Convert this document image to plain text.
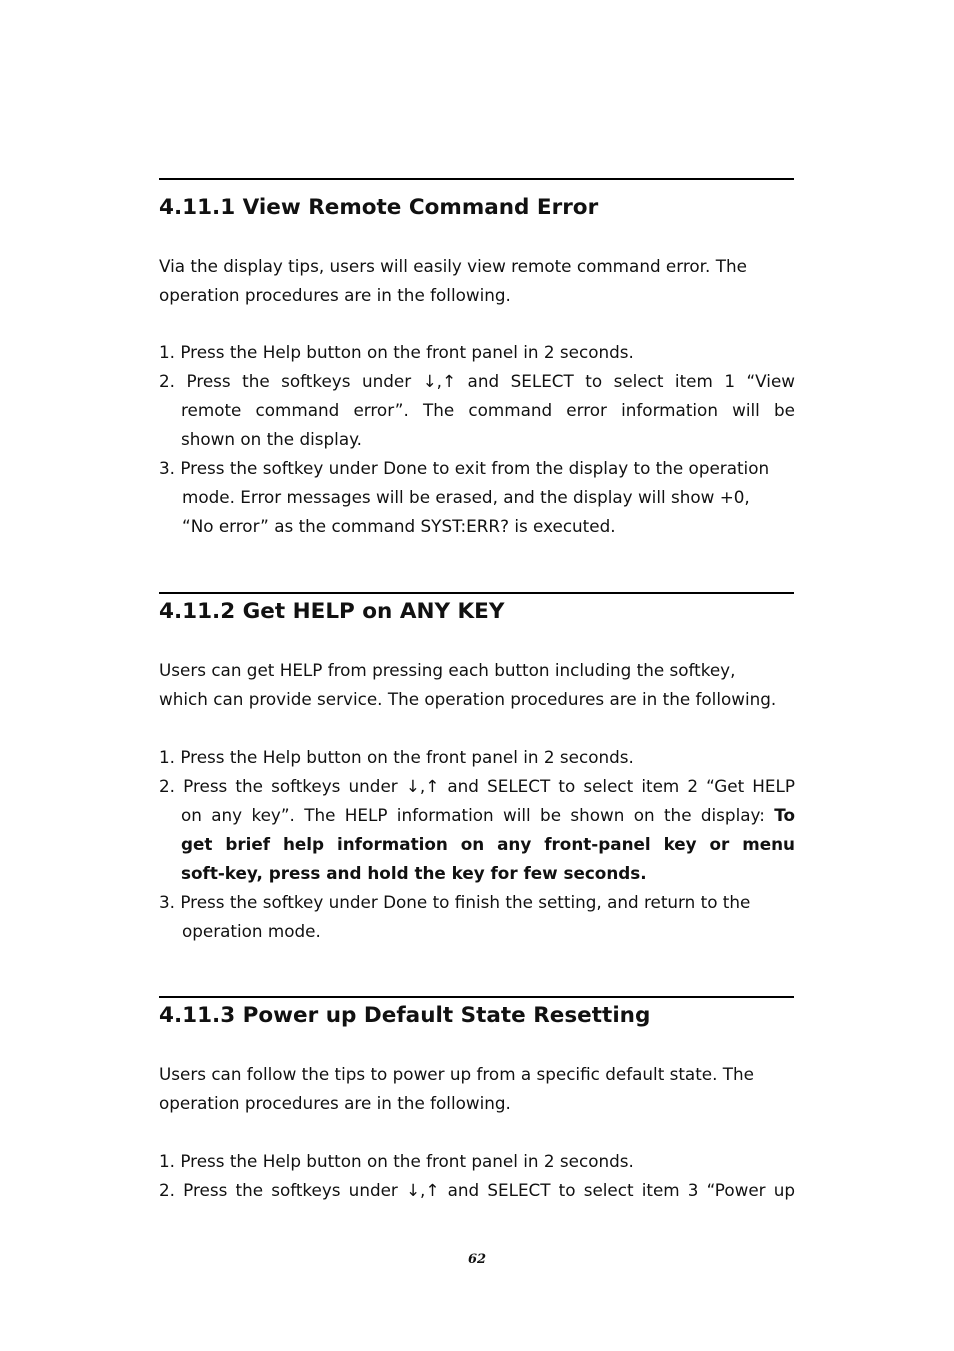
4.11.1 View Remote Command Error
Via the display tips, users will easily view remote command error. The
operation procedures are in the following.
1. Press the Help button on the front panel in 2 seconds.
2. Press the softkeys under ↓,↑ and SELECT to select item 1 “View
remote command error”. The command error information will be
shown on the display.
3. Press the softkey under Done to exit from the display to the operation
mode. Error messages will be erased, and the display will show +0,
“No error” as the command SYST:ERR? is executed.
4.11.2 Get HELP on ANY KEY
Users can get HELP from pressing each button including the softkey,
which can provide service. The operation procedures are in the following.
1. Press the Help button on the front panel in 2 seconds.
2. Press the softkeys under ↓,↑ and SELECT to select item 2 “Get HELP
on any key”. The HELP information will be shown on the display: To
get brief help information on any front-panel key or menu
soft-key, press and hold the key for few seconds.
3. Press the softkey under Done to finish the setting, and return to the
operation mode.
4.11.3 Power up Default State Resetting
Users can follow the tips to power up from a specific default state. The
operation procedures are in the following.
1. Press the Help button on the front panel in 2 seconds.
2. Press the softkeys under ↓,↑ and SELECT to select item 3 “Power up
62
